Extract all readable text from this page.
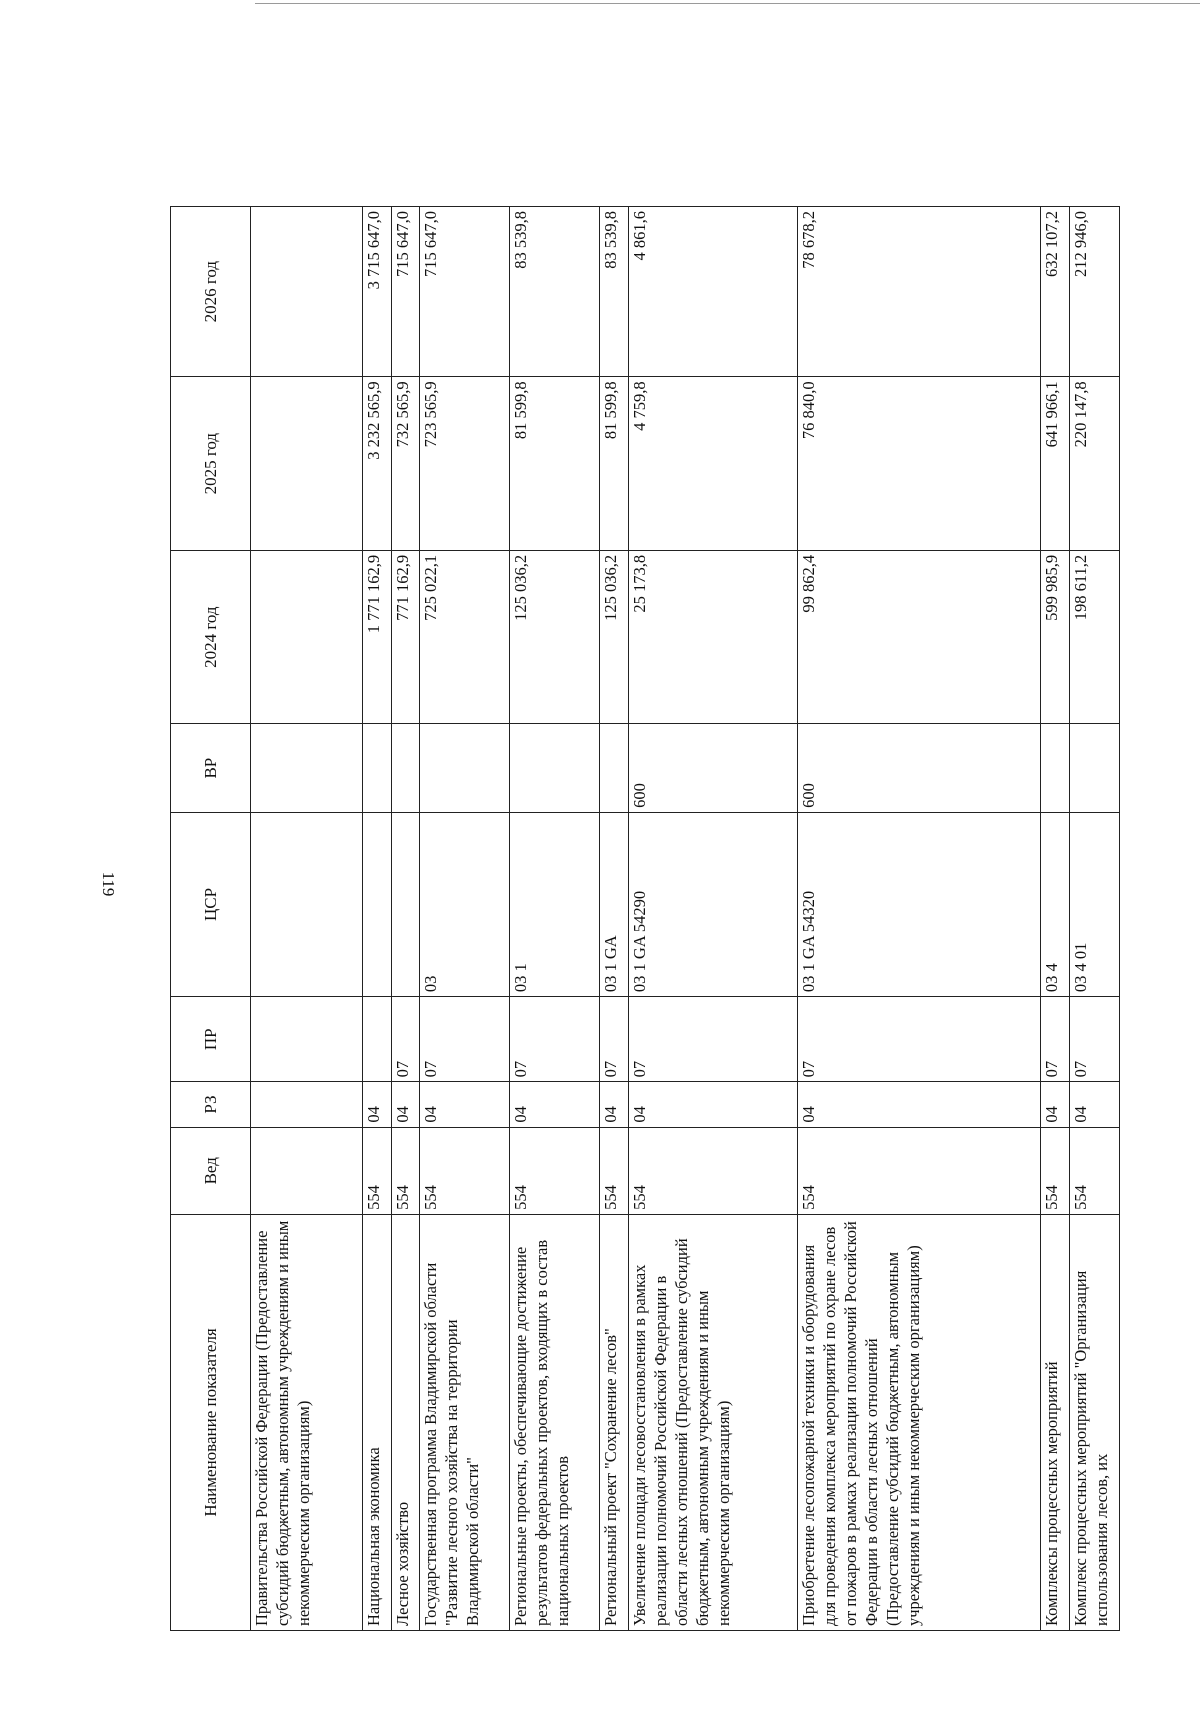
119
Наименование показателя	Вед	РЗ	ПР	ЦСР	ВР	2024 год	2025 год	2026 год
Правительства Российской Федерации (Предоставление субсидий бюджетным, автономным учреждениям и иным некоммерческим организациям)								
Национальная экономика	554	04				1 771 162,9	3 232 565,9	3 715 647,0
Лесное хозяйство	554	04	07			771 162,9	732 565,9	715 647,0
Государственная программа Владимирской области "Развитие лесного хозяйства на территории Владимирской области"	554	04	07	03		725 022,1	723 565,9	715 647,0
Региональные проекты, обеспечивающие достижение результатов федеральных проектов, входящих в состав национальных проектов	554	04	07	03 1		125 036,2	81 599,8	83 539,8
Региональный проект "Сохранение лесов"	554	04	07	03 1 GA		125 036,2	81 599,8	83 539,8
Увеличение площади лесовосстановления в рамках реализации полномочий Российской Федерации в области лесных отношений (Предоставление субсидий бюджетным, автономным учреждениям и иным некоммерческим организациям)	554	04	07	03 1 GA 54290	600	25 173,8	4 759,8	4 861,6
Приобретение лесопожарной техники и оборудования для проведения комплекса мероприятий по охране лесов от пожаров в рамках реализации полномочий Российской Федерации в области лесных отношений (Предоставление субсидий бюджетным, автономным учреждениям и иным некоммерческим организациям)	554	04	07	03 1 GA 54320	600	99 862,4	76 840,0	78 678,2
Комплексы процессных мероприятий	554	04	07	03 4		599 985,9	641 966,1	632 107,2
Комплекс процессных мероприятий "Организация использования лесов, их	554	04	07	03 4 01		198 611,2	220 147,8	212 946,0
